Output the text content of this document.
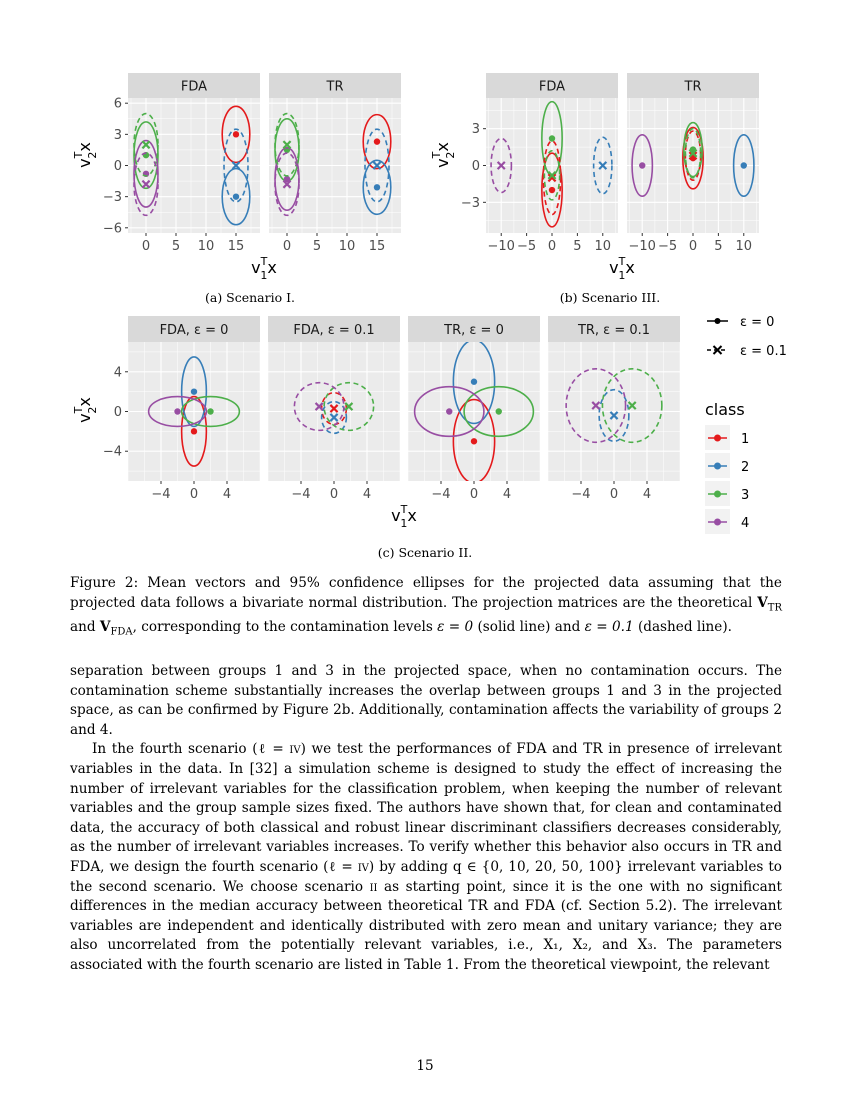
FDA
0 5 10 15
6
3
0
−3
−6
TR
0 5 10 15
FDA
−10 −5 0 5 10
3
0
−3
TR
−10 −5 0 5 10
FDA, ε = 0
−4 0 4
4
0
−4
FDA, ε = 0.1
−4 0 4
TR, ε = 0
−4 0 4
TR, ε = 0.1
−4 0 4
$v^T$ 1x
$v^T2x$
$v^T$ 1x
$v^T2x$
$v^T$ 1x
$v^T2x$
ε = 0
ε = 0.1
class
1
2
3
4
(a) Scenario I.	(b) Scenario III.
(c) Scenario II.
Figure 2: Mean vectors and 95% confidence ellipses for the projected data assuming that the projected data follows a bivariate normal distribution. The projection matrices are the theoretical $V_{TR}$ and $V_{FDA}$, corresponding to the contamination levels ε = 0 (solid line) and ε = 0.1 (dashed line).

separation between groups 1 and 3 in the projected space, when no contamination occurs. The contamination scheme substantially increases the overlap between groups 1 and 3 in the projected space, as can be confirmed by Figure 2b. Additionally, contamination affects the variability of groups 2 and 4.

In the fourth scenario (ℓ = iv) we test the performances of FDA and TR in presence of irrelevant variables in the data. In [32] a simulation scheme is designed to study the effect of increasing the number of irrelevant variables for the classification problem, when keeping the number of relevant variables and the group sample sizes fixed. The authors have shown that, for clean and contaminated data, the accuracy of both classical and robust linear discriminant classifiers decreases considerably, as the number of irrelevant variables increases. To verify whether this behavior also occurs in TR and FDA, we design the fourth scenario (ℓ = iv) by adding q ∈ {0, 10, 20, 50, 100} irrelevant variables to the second scenario. We choose scenario ii as starting point, since it is the one with no significant differences in the median accuracy between theoretical TR and FDA (cf. Section 5.2). The irrelevant variables are independent and identically distributed with zero mean and unitary variance; they are also uncorrelated from the potentially relevant variables, i.e., X₁, X₂, and X₃. The parameters associated with the fourth scenario are listed in Table 1. From the theoretical viewpoint, the relevant

15
